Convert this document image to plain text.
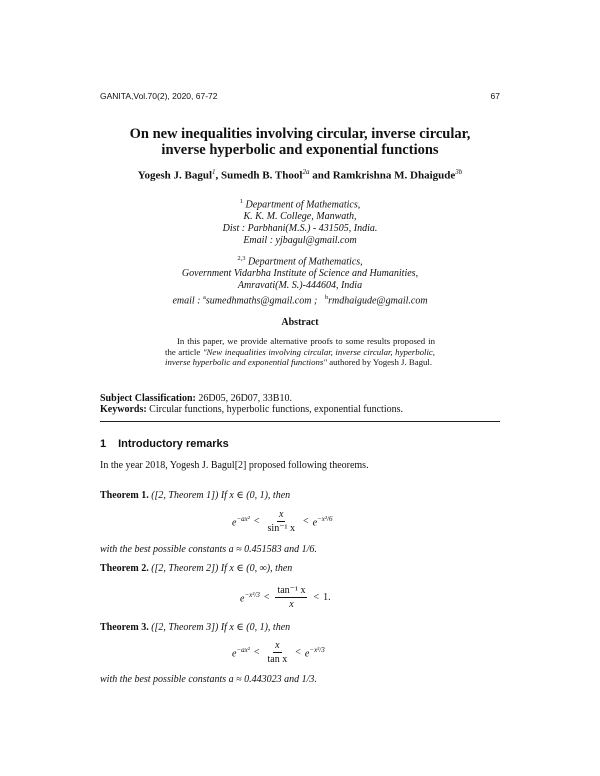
GANITA,Vol.70(2), 2020, 67-72	67
On new inequalities involving circular, inverse circular,
inverse hyperbolic and exponential functions
Yogesh J. Bagul$^1$, Sumedh B. Thool$^{2a}$ and Ramkrishna M. Dhaigude$^{3b}$
$^1$ Department of Mathematics,
K. K. M. College, Manwath,
Dist : Parbhani(M.S.) - 431505, India.
Email : yjbagul@gmail.com
$^{2,3}$ Department of Mathematics,
Government Vidarbha Institute of Science and Humanities,
Amravati(M. S.)-444604, India
email : $^a$sumedhmaths@gmail.com ;   $^b$rmdhaigude@gmail.com
Abstract
In this paper, we provide alternative proofs to some results proposed in the article "New inequalities involving circular, inverse circular, hyperbolic, inverse hyperbolic and exponential functions" authored by Yogesh J. Bagul.
Subject Classification: 26D05, 26D07, 33B10.
Keywords: Circular functions, hyperbolic functions, exponential functions.
1 Introductory remarks
In the year 2018, Yogesh J. Bagul[2] proposed following theorems.
Theorem 1. ([2, Theorem 1]) If x ∈ (0, 1), then
$e^{-ax^2} < \frac{x}{\text{sin⁻¹ x}} < e^{-x^2/6}$
with the best possible constants a ≈ 0.451583 and 1/6.
Theorem 2. ([2, Theorem 2]) If x ∈ (0, ∞), then
$e^{-x^2/3} < \frac{\text{tan⁻¹ x}}{x} < 1$.
Theorem 3. ([2, Theorem 3]) If x ∈ (0, 1), then
$e^{-ax^2} < \frac{x}{\text{tan x}} < e^{-x^2/3}$
with the best possible constants a ≈ 0.443023 and 1/3.
